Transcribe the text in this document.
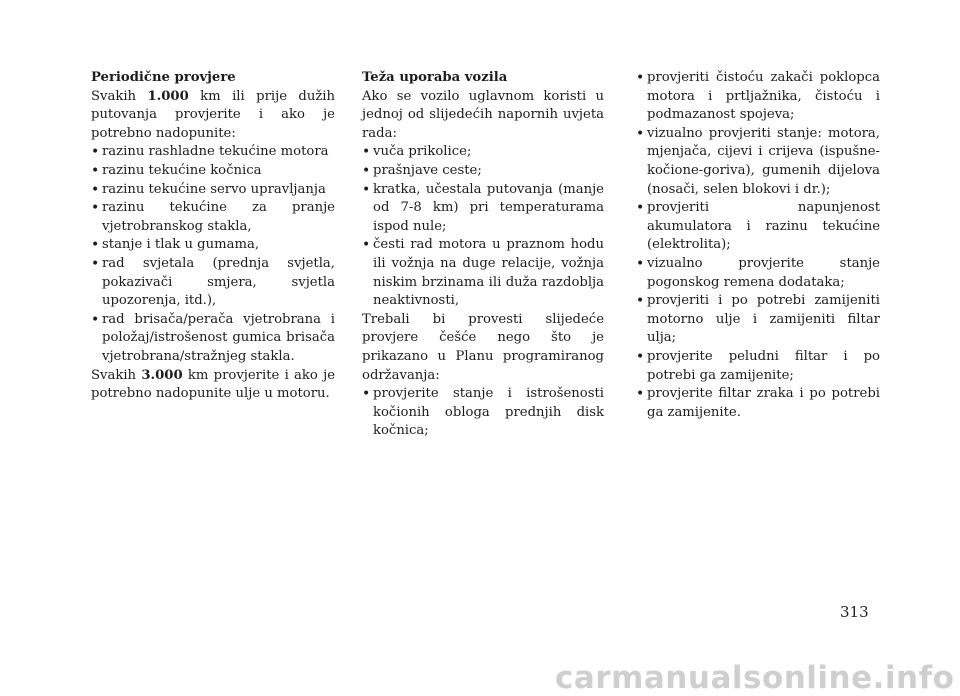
Periodične provjere

Svakih 1.000 km ili prije dužih putovanja provjerite i ako je potrebno nadopunite:

• razinu rashladne tekućine motora
• razinu tekućine kočnica
• razinu tekućine servo upravljanja
• razinu tekućine za pranje vjetrobranskog stakla,
• stanje i tlak u gumama,
• rad svjetala (prednja svjetla, pokazivači smjera, svjetla upozorenja, itd.),
• rad brisača/perača vjetrobrana i položaj/istrošenost gumica brisača vjetrobrana/stražnjeg stakla.

Svakih 3.000 km provjerite i ako je potrebno nadopunite ulje u motoru.

Teža uporaba vozila

Ako se vozilo uglavnom koristi u jednoj od slijedećih napornih uvjeta rada:

• vuča prikolice;
• prašnjave ceste;
• kratka, učestala putovanja (manje od 7-8 km) pri temperaturama ispod nule;
• česti rad motora u praznom hodu ili vožnja na duge relacije, vožnja niskim brzinama ili duža razdoblja neaktivnosti,

Trebali bi provesti slijedeće provjere češće nego što je prikazano u Planu programiranog održavanja:

• provjerite stanje i istrošenosti kočionih obloga prednjih disk kočnica;
• provjeriti čistoću zakači poklopca motora i prtljažnika, čistoću i podmazanost spojeva;
• vizualno provjeriti stanje: motora, mjenjača, cijevi i crijeva (ispušne-kočione-goriva), gumenih dijelova (nosači, selen blokovi i dr.);
• provjeriti napunjenost akumulatora i razinu tekućine (elektrolita);
• vizualno provjerite stanje pogonskog remena dodataka;
• provjeriti i po potrebi zamijeniti motorno ulje i zamijeniti filtar ulja;
• provjerite peludni filtar i po potrebi ga zamijenite;
• provjerite filtar zraka i po potrebi ga zamijenite.
313
carmanualsonline.info
